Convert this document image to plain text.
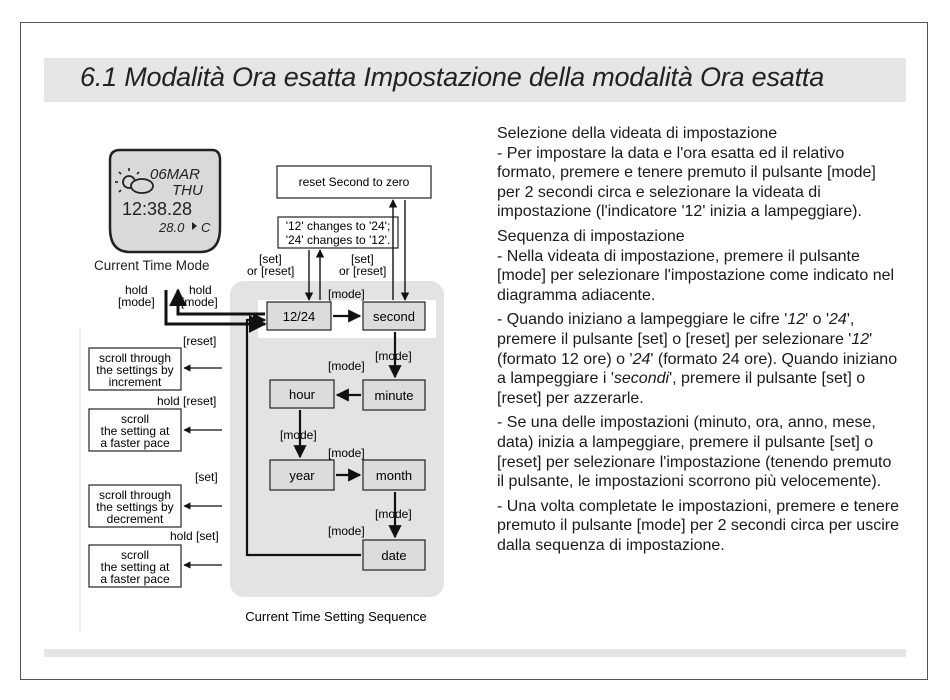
6.1 Modalità Ora esatta Impostazione della modalità Ora esatta
06MAR
THU
12:38.28
28.0 C
Current Time Mode
reset Second to zero
'12' changes to '24';
'24' changes to '12'.
12/24	second
hour	minute
year	month
date
[set]
or [reset]
[set]
or [reset]
[mode]
[mode]
[mode]
[mode]
[mode]
[mode]
[mode]
hold
[mode]
hold
[mode]
[reset]
scroll through
the settings by
increment
hold [reset]
scroll
the setting at
a faster pace
[set]
scroll through
the settings by
decrement
hold [set]
scroll
the setting at
a faster pace
Current Time Setting Sequence

Selezione della videata di impostazione

- Per impostare la data e l'ora esatta ed il relativo formato, premere e tenere premuto il pulsante [mode] per 2 secondi circa e selezionare la videata di impostazione (l'indicatore '12' inizia a lampeggiare).

Sequenza di impostazione

- Nella videata di impostazione, premere il pulsante [mode] per selezionare l'impostazione come indicato nel diagramma adiacente.

- Quando iniziano a lampeggiare le cifre '12' o '24', premere il pulsante [set] o [reset] per selezionare '12' (formato 12 ore) o '24' (formato 24 ore). Quando iniziano a lampeggiare i 'secondi', premere il pulsante [set] o [reset] per azzerarle.

- Se una delle impostazioni (minuto, ora, anno, mese, data) inizia a lampeggiare, premere il pulsante [set] o [reset] per selezionare l'impostazione (tenendo premuto il pulsante, le impostazioni scorrono più velocemente).

- Una volta completate le impostazioni, premere e tenere premuto il pulsante [mode] per 2 secondi circa per uscire dalla sequenza di impostazione.
